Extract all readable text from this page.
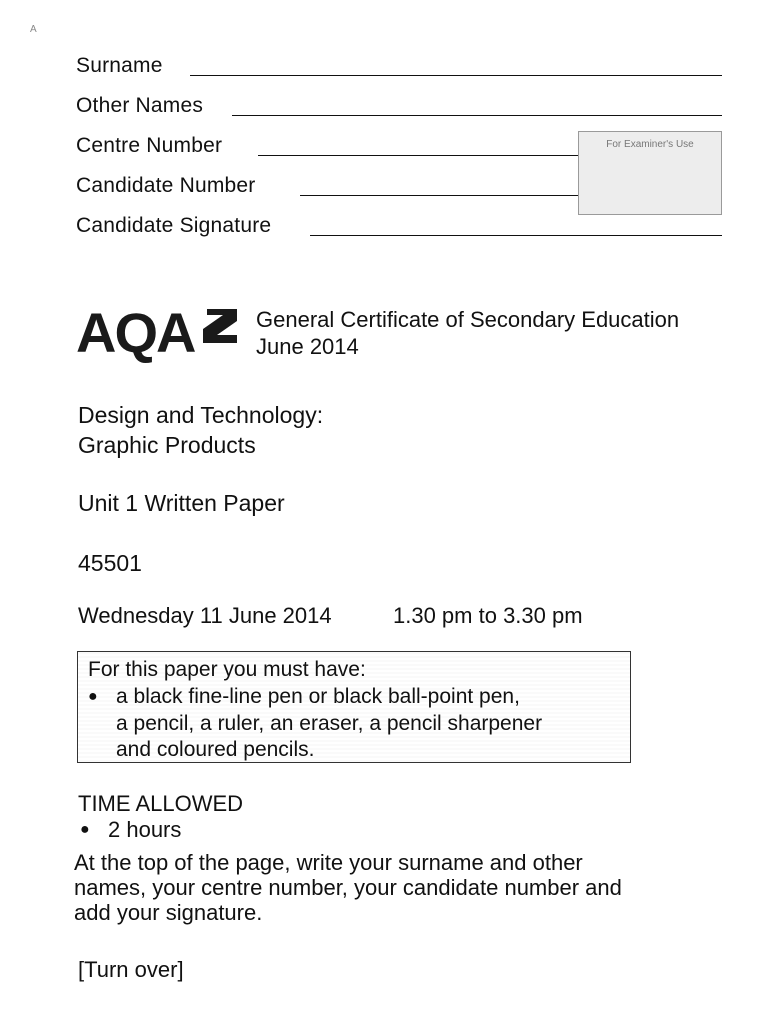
A
Surname
Other Names
Centre Number
Candidate Number
Candidate Signature
For Examiner's Use
AQA	General Certificate of Secondary Education
June 2014
Design and Technology:
Graphic Products
Unit 1 Written Paper
45501
Wednesday 11 June 2014	1.30 pm to 3.30 pm
For this paper you must have:
● a black fine-line pen or black ball-point pen,
a pencil, a ruler, an eraser, a pencil sharpener
and coloured pencils.
TIME ALLOWED
● 2 hours
At the top of the page, write your surname and other
names, your centre number, your candidate number and
add your signature.
[Turn over]
